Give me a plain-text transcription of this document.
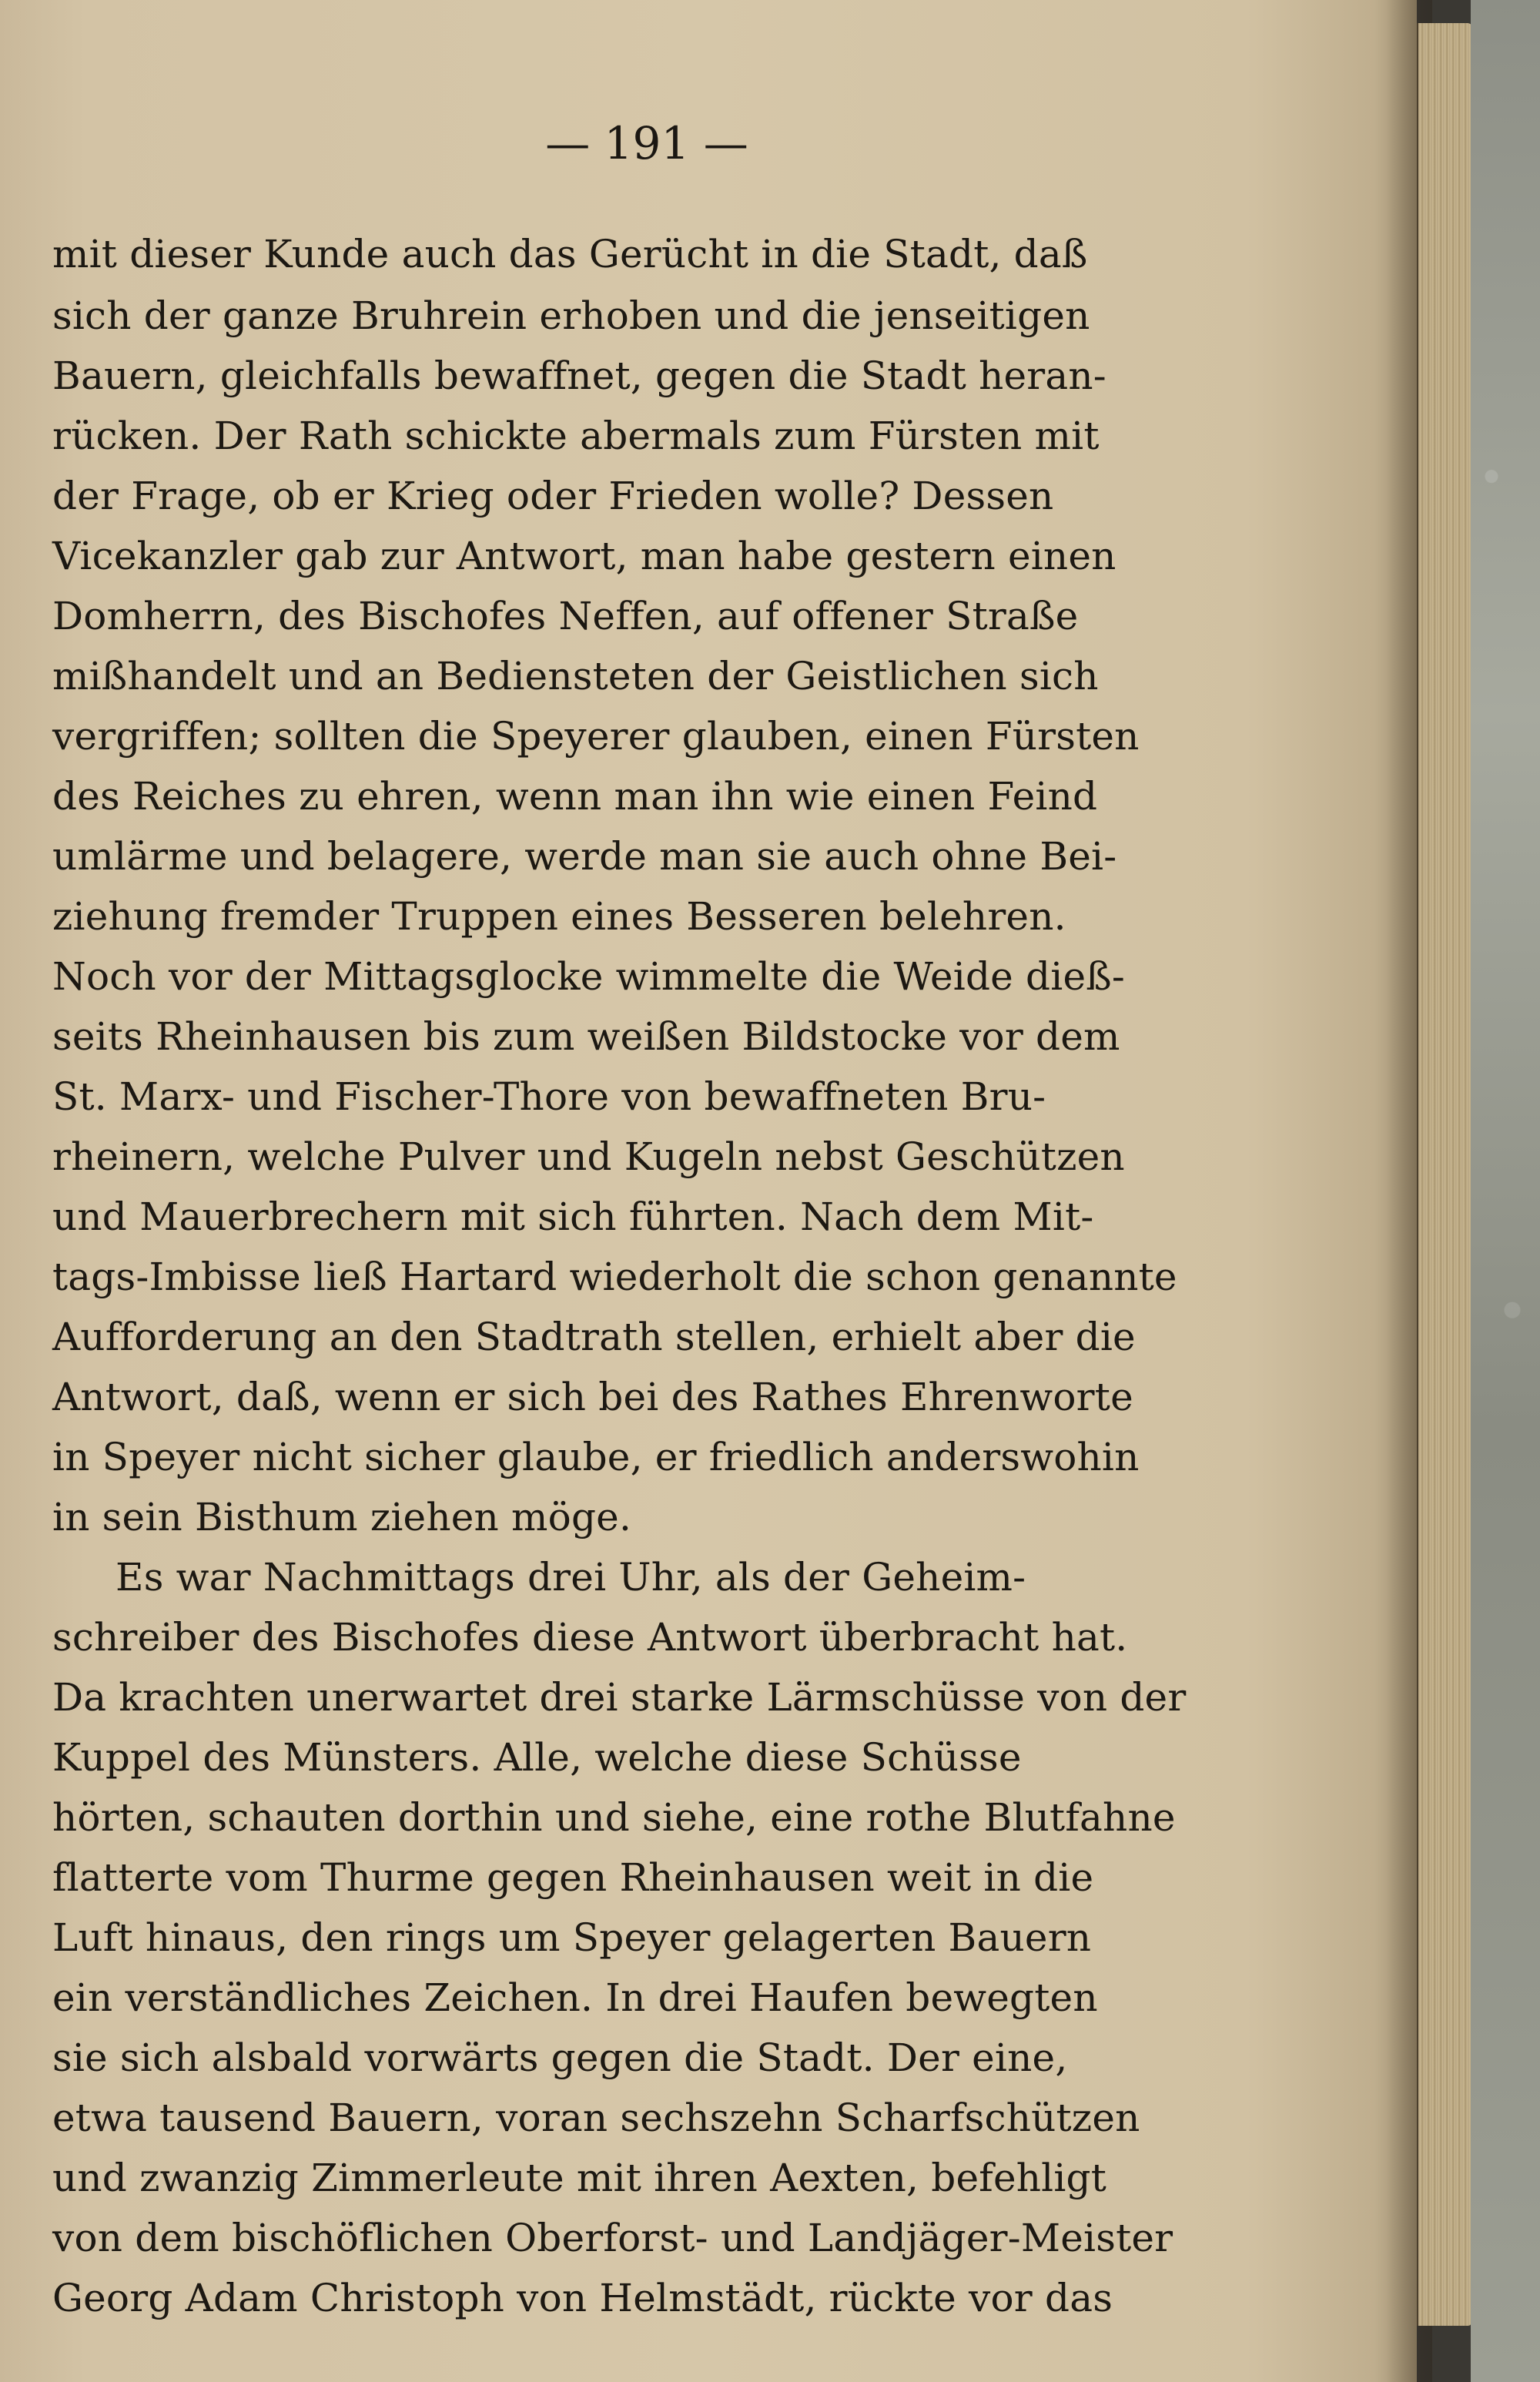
— 191 —

mit dieser Kunde auch das Gerücht in die Stadt, daß
sich der ganze Bruhrein erhoben und die jenseitigen
Bauern, gleichfalls bewaffnet, gegen die Stadt heran-
rücken. Der Rath schickte abermals zum Fürsten mit
der Frage, ob er Krieg oder Frieden wolle? Dessen
Vicekanzler gab zur Antwort, man habe gestern einen
Domherrn, des Bischofes Neffen, auf offener Straße
mißhandelt und an Bediensteten der Geistlichen sich
vergriffen; sollten die Speyerer glauben, einen Fürsten
des Reiches zu ehren, wenn man ihn wie einen Feind
umlärme und belagere, werde man sie auch ohne Bei-
ziehung fremder Truppen eines Besseren belehren.
Noch vor der Mittagsglocke wimmelte die Weide dieß-
seits Rheinhausen bis zum weißen Bildstocke vor dem
St. Marx- und Fischer-Thore von bewaffneten Bru-
rheinern, welche Pulver und Kugeln nebst Geschützen
und Mauerbrechern mit sich führten. Nach dem Mit-
tags-Imbisse ließ Hartard wiederholt die schon genannte
Aufforderung an den Stadtrath stellen, erhielt aber die
Antwort, daß, wenn er sich bei des Rathes Ehrenworte
in Speyer nicht sicher glaube, er friedlich anderswohin
in sein Bisthum ziehen möge.
Es war Nachmittags drei Uhr, als der Geheim-
schreiber des Bischofes diese Antwort überbracht hat.
Da krachten unerwartet drei starke Lärmschüsse von der
Kuppel des Münsters. Alle, welche diese Schüsse
hörten, schauten dorthin und siehe, eine rothe Blutfahne
flatterte vom Thurme gegen Rheinhausen weit in die
Luft hinaus, den rings um Speyer gelagerten Bauern
ein verständliches Zeichen. In drei Haufen bewegten
sie sich alsbald vorwärts gegen die Stadt. Der eine,
etwa tausend Bauern, voran sechszehn Scharfschützen
und zwanzig Zimmerleute mit ihren Aexten, befehligt
von dem bischöflichen Oberforst- und Landjäger-Meister
Georg Adam Christoph von Helmstädt, rückte vor das
